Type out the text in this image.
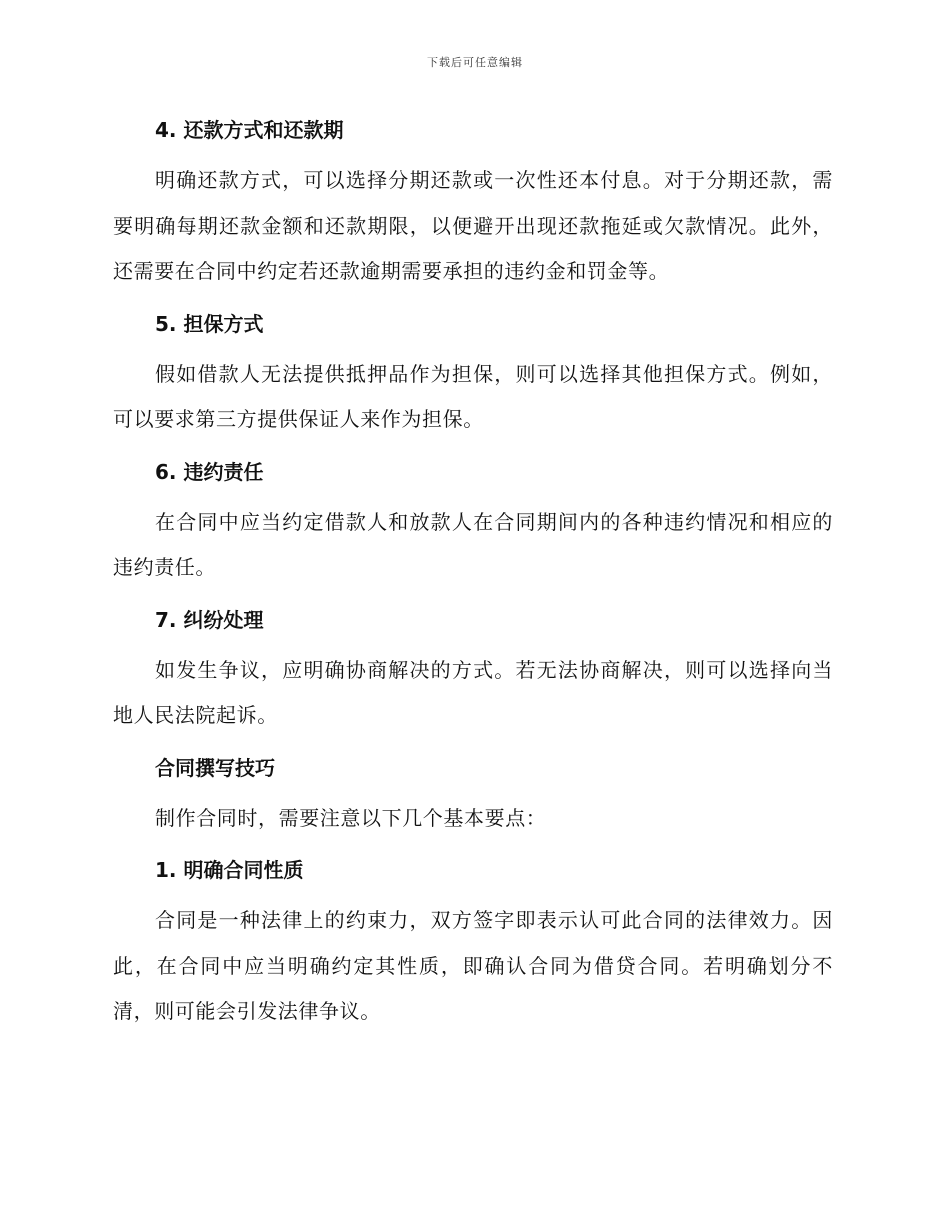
下载后可任意编辑
4. 还款方式和还款期

明确还款方式，可以选择分期还款或一次性还本付息。对于分期还款，需要明确每期还款金额和还款期限，以便避开出现还款拖延或欠款情况。此外，还需要在合同中约定若还款逾期需要承担的违约金和罚金等。

5. 担保方式

假如借款人无法提供抵押品作为担保，则可以选择其他担保方式。例如，可以要求第三方提供保证人来作为担保。

6. 违约责任

在合同中应当约定借款人和放款人在合同期间内的各种违约情况和相应的违约责任。

7. 纠纷处理

如发生争议，应明确协商解决的方式。若无法协商解决，则可以选择向当地人民法院起诉。

合同撰写技巧

制作合同时，需要注意以下几个基本要点：

1. 明确合同性质

合同是一种法律上的约束力，双方签字即表示认可此合同的法律效力。因此，在合同中应当明确约定其性质，即确认合同为借贷合同。若明确划分不清，则可能会引发法律争议。
